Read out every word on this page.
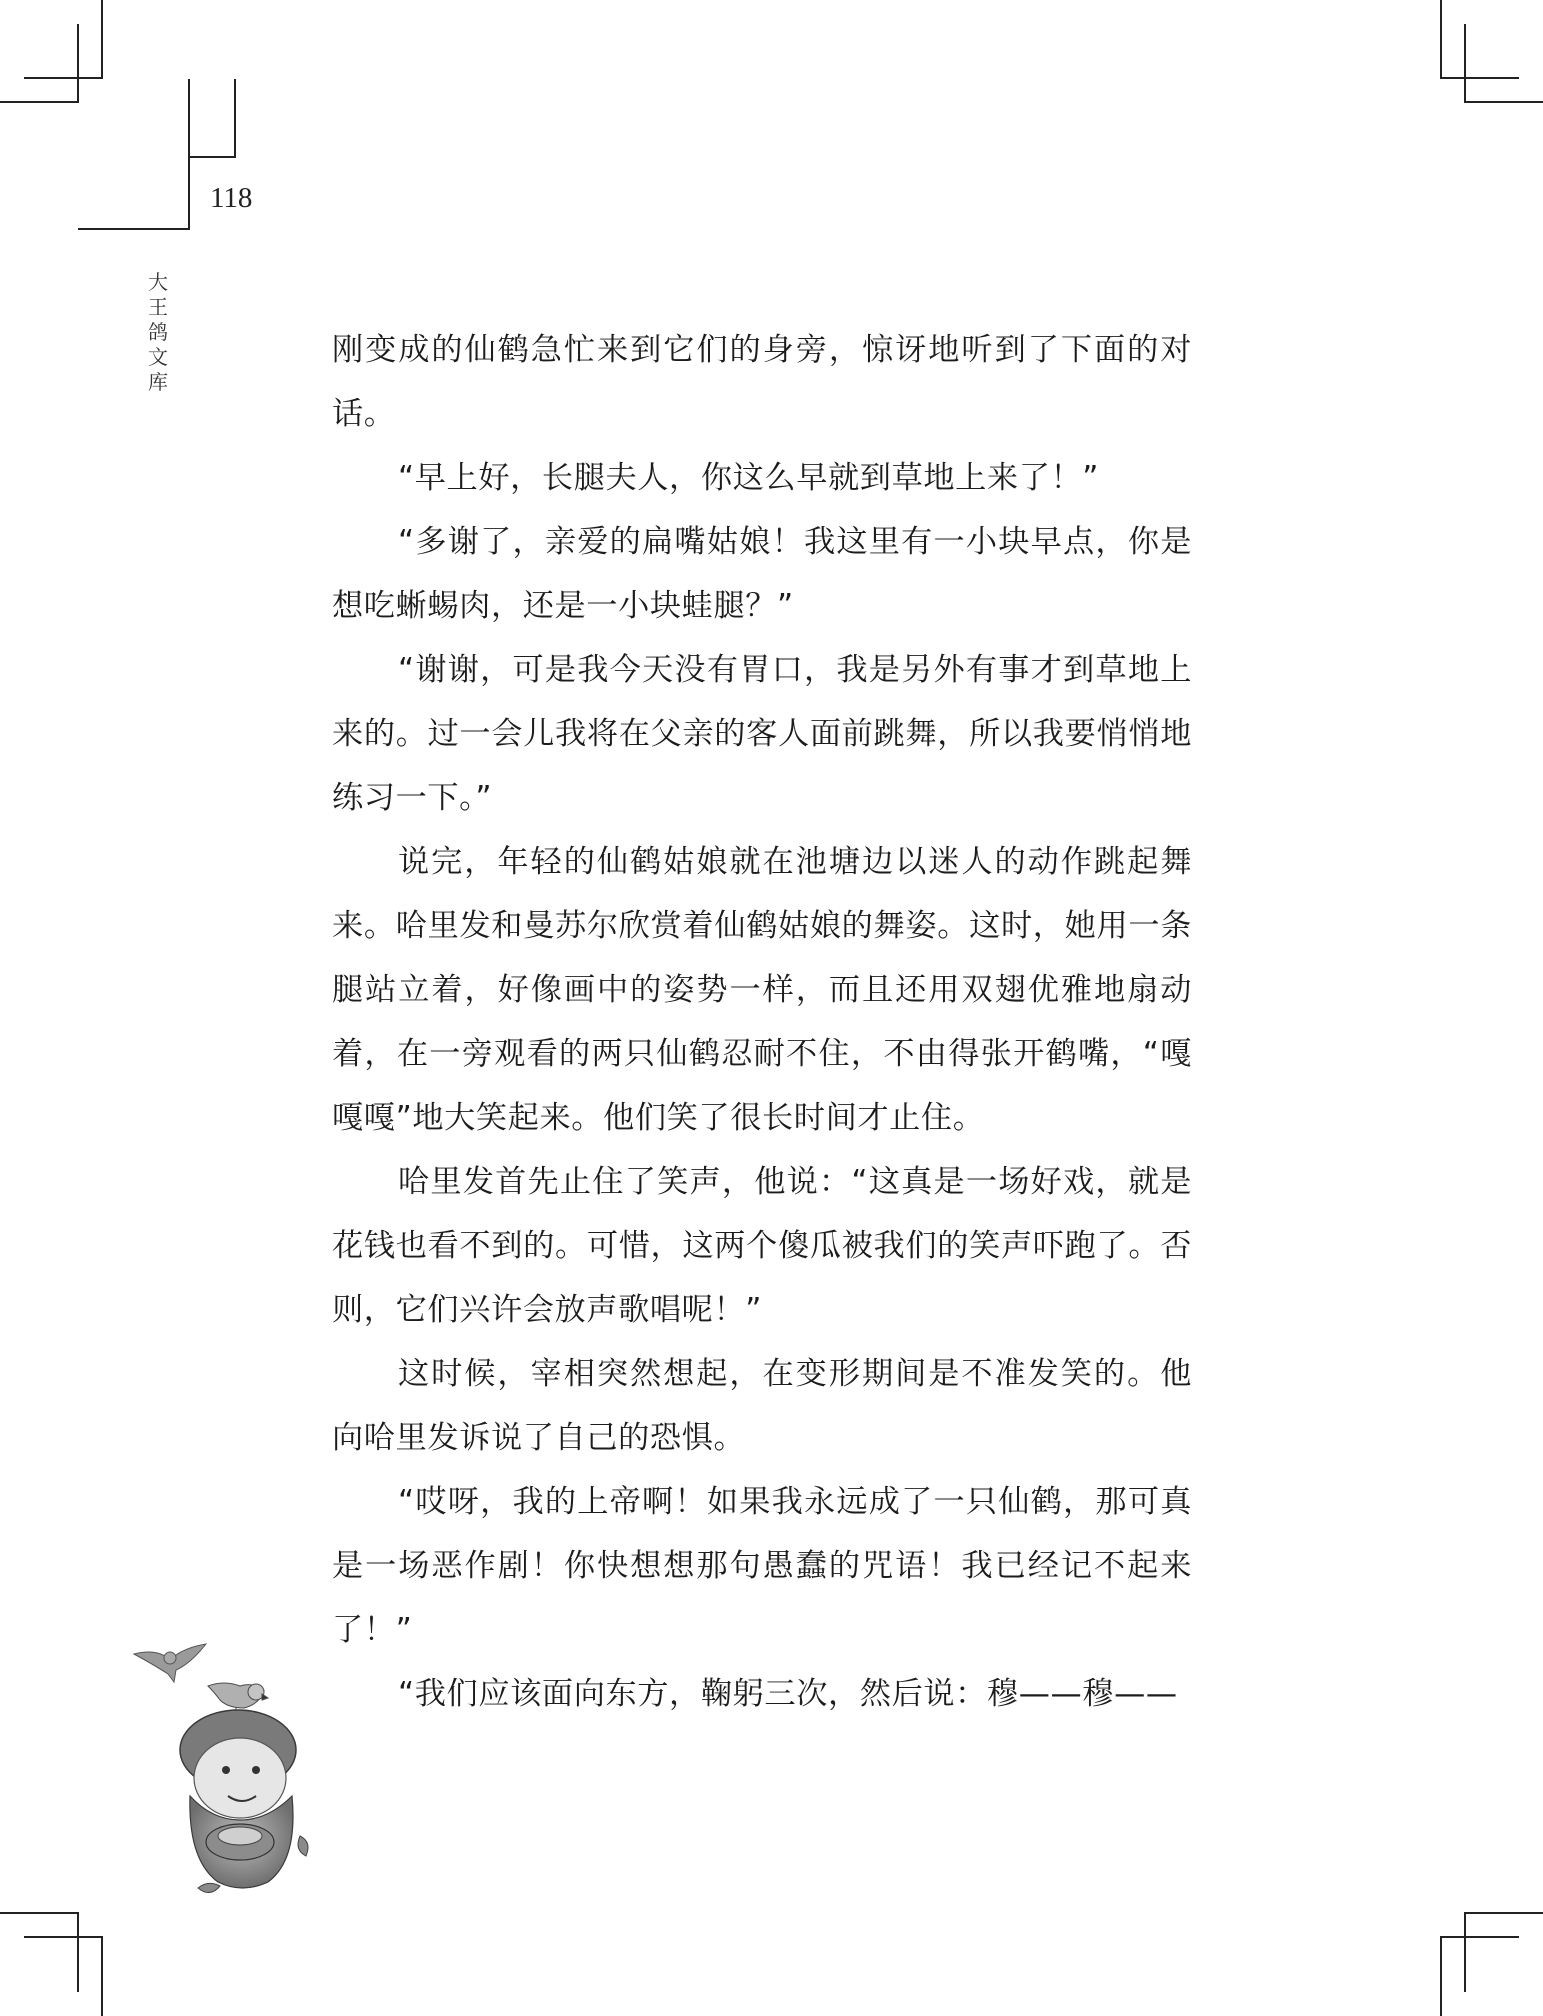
118
大
王
鸽
文
库

刚变成的仙鹤急忙来到它们的身旁，惊讶地听到了下面的对话。

“早上好，长腿夫人，你这么早就到草地上来了！”

“多谢了，亲爱的扁嘴姑娘！我这里有一小块早点，你是想吃蜥蜴肉，还是一小块蛙腿？”

“谢谢，可是我今天没有胃口，我是另外有事才到草地上来的。过一会儿我将在父亲的客人面前跳舞，所以我要悄悄地练习一下。”

说完，年轻的仙鹤姑娘就在池塘边以迷人的动作跳起舞来。哈里发和曼苏尔欣赏着仙鹤姑娘的舞姿。这时，她用一条腿站立着，好像画中的姿势一样，而且还用双翅优雅地扇动着，在一旁观看的两只仙鹤忍耐不住，不由得张开鹤嘴，“嘎嘎嘎”地大笑起来。他们笑了很长时间才止住。

哈里发首先止住了笑声，他说：“这真是一场好戏，就是花钱也看不到的。可惜，这两个傻瓜被我们的笑声吓跑了。否则，它们兴许会放声歌唱呢！”

这时候，宰相突然想起，在变形期间是不准发笑的。他向哈里发诉说了自己的恐惧。

“哎呀，我的上帝啊！如果我永远成了一只仙鹤，那可真是一场恶作剧！你快想想那句愚蠢的咒语！我已经记不起来了！”

“我们应该面向东方，鞠躬三次，然后说：穆——穆——
